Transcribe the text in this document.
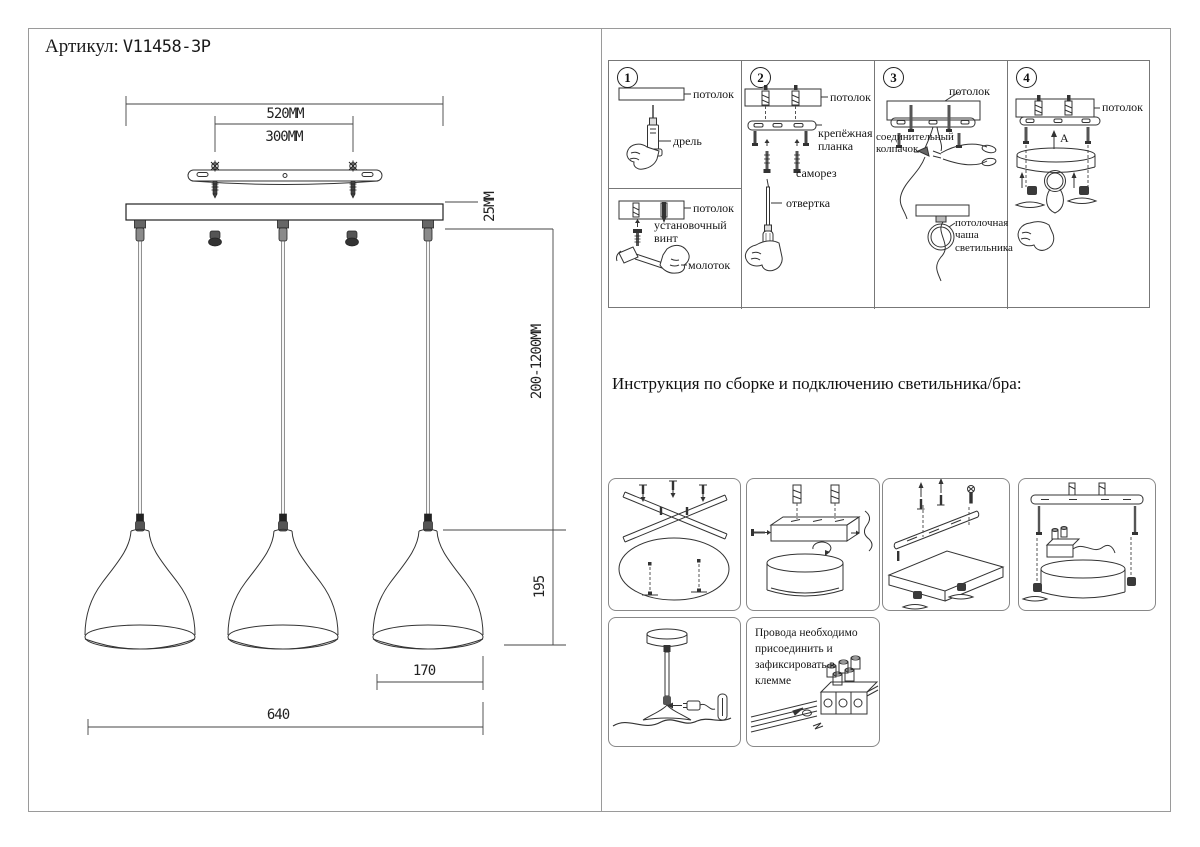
Артикул: V11458-3P
520MM
300MM
25MM
200-1200MM
195
170
640
1
потолок
дрель
потолок
установочный винт
молоток
2
потолок
крепёжная планка
саморез
отвертка
3
потолок
соединительный колпачок
потолочная чаша светильника
4
потолок
A
Инструкция по сборке и подключению светильника/бра:
Провода необходимо присоединить и зафиксировать в клемме
